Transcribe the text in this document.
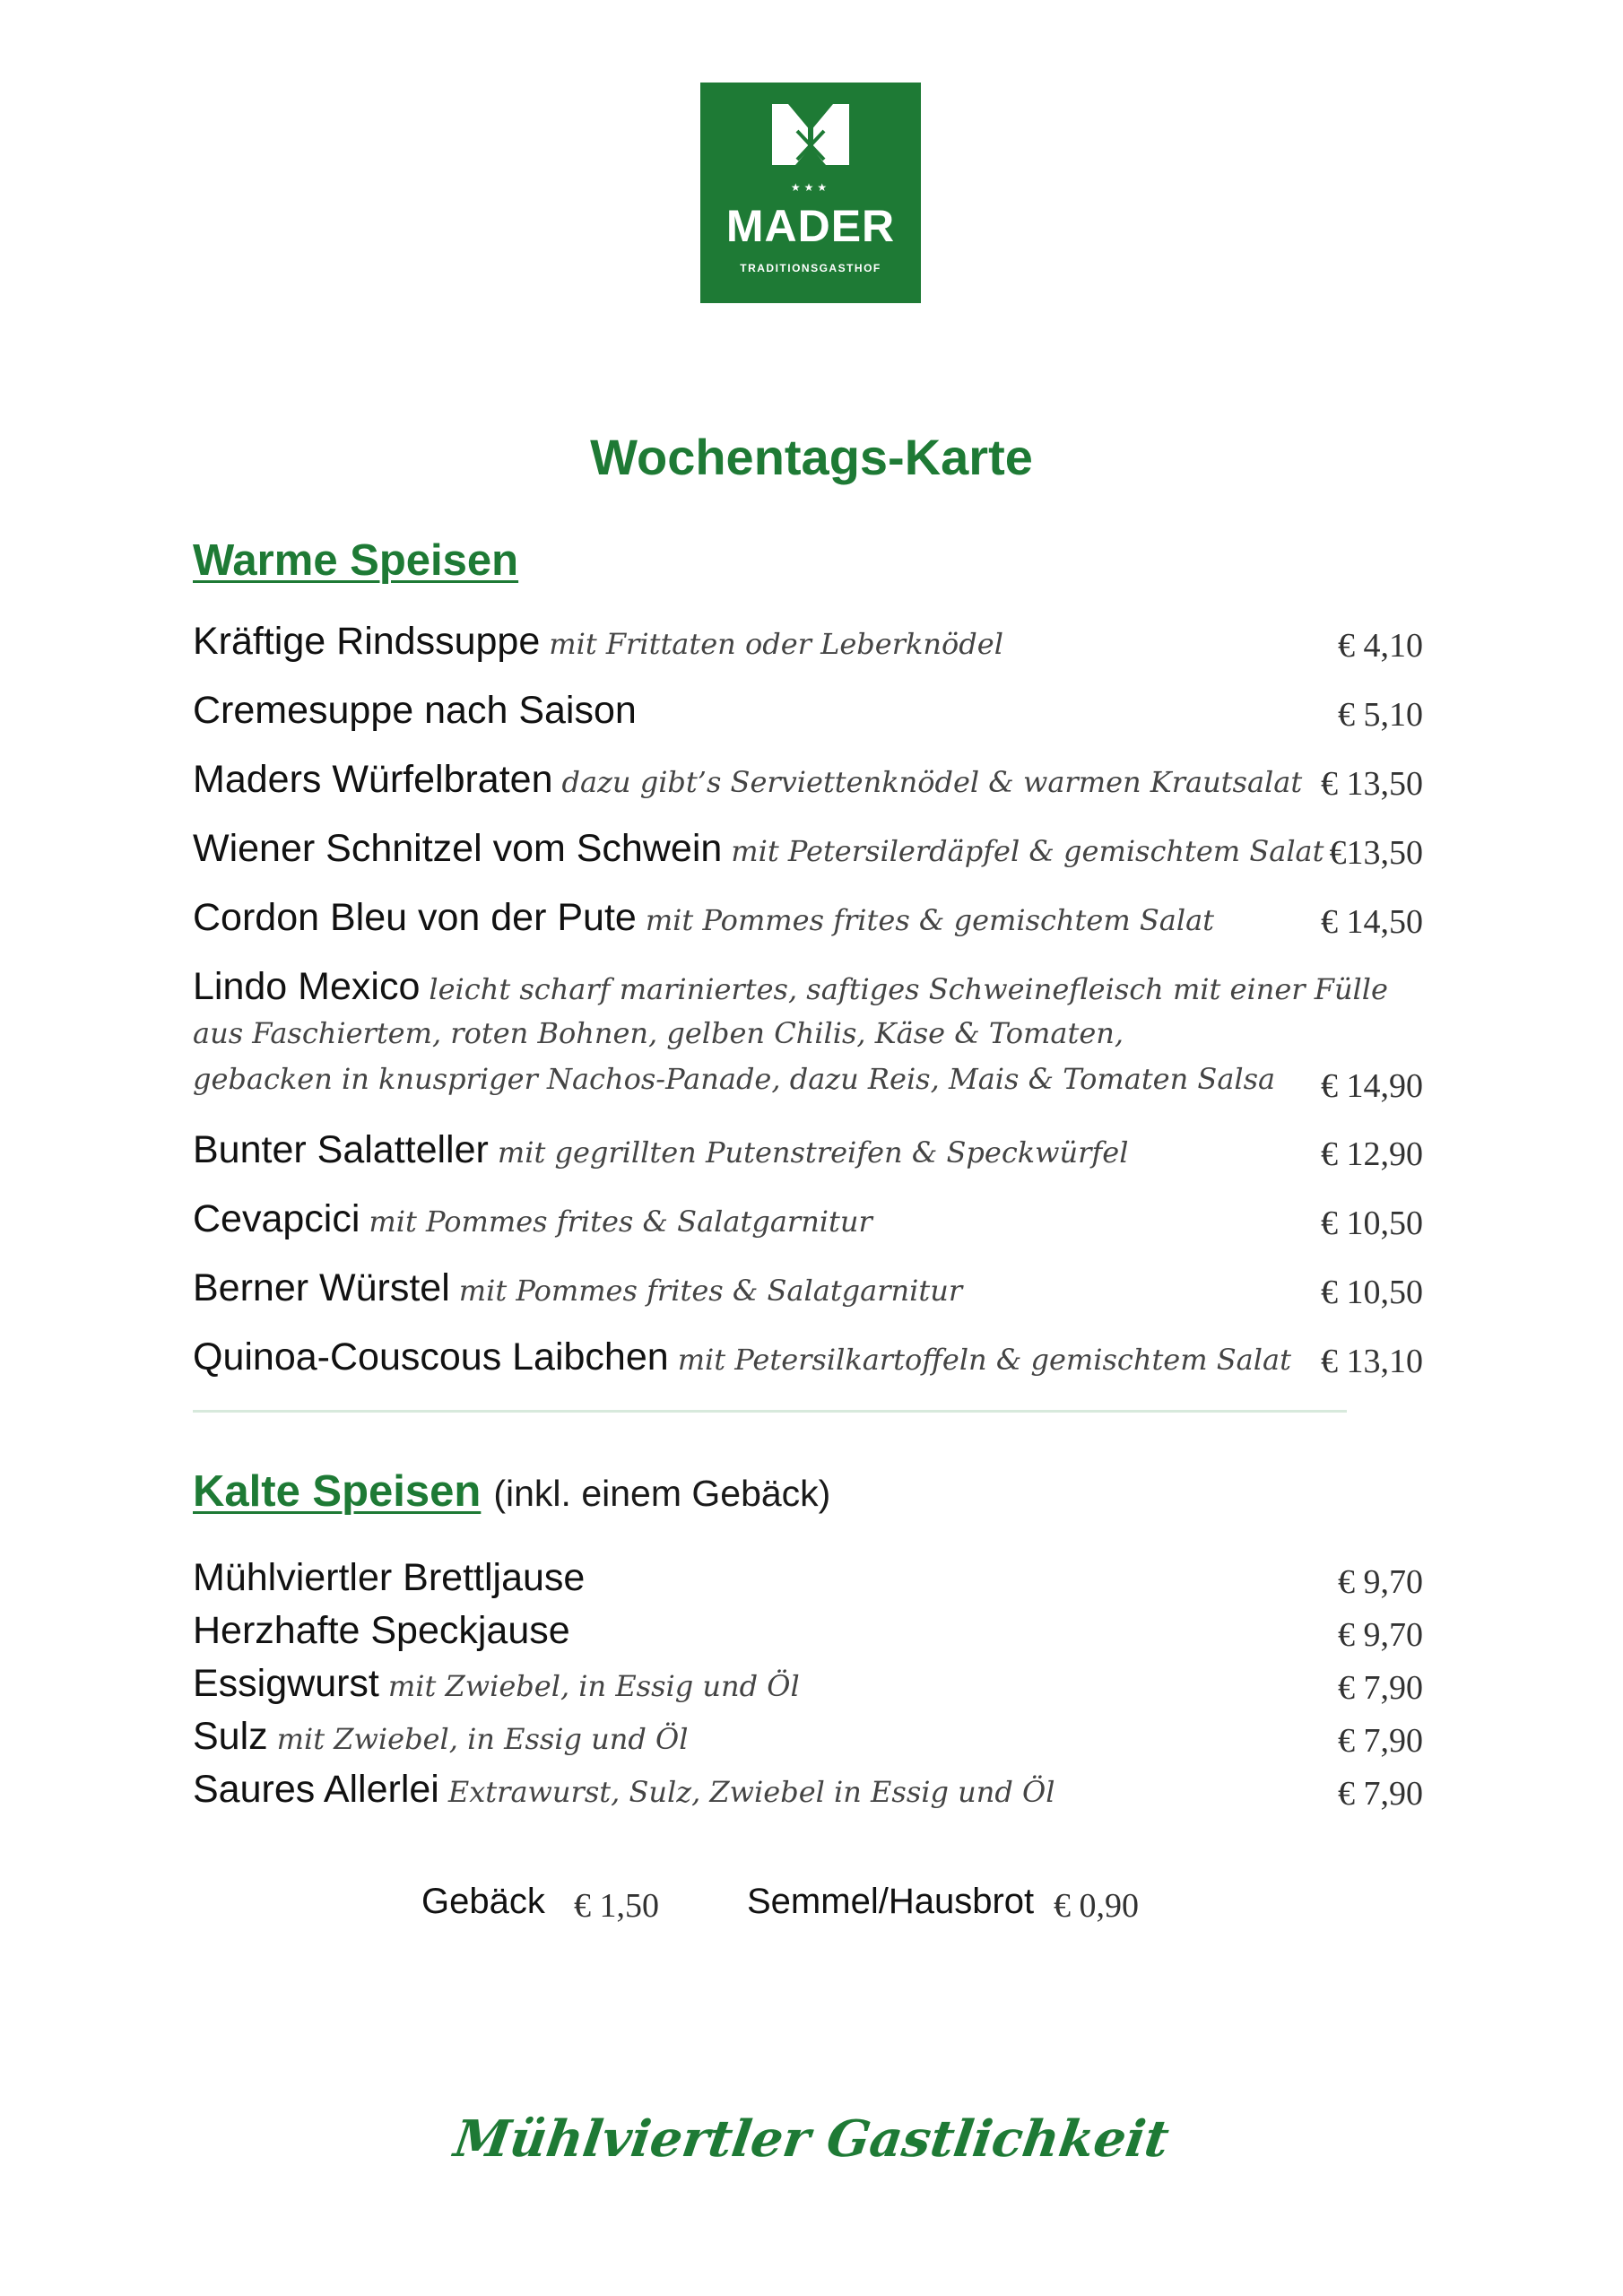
★★★
MADER
TRADITIONSGASTHOF
Wochentags-Karte
Warme Speisen
Kräftige Rindssuppe mit Frittaten oder Leberknödel	€ 4,10
Cremesuppe nach Saison	€ 5,10
Maders Würfelbraten dazu gibt’s Serviettenknödel & warmen Krautsalat € 13,50
Wiener Schnitzel vom Schwein mit Petersilerdäpfel & gemischtem Salat €13,50
Cordon Bleu von der Pute mit Pommes frites & gemischtem Salat	€ 14,50
Lindo Mexico leicht scharf mariniertes, saftiges Schweinefleisch mit einer Fülle
aus Faschiertem, roten Bohnen, gelben Chilis, Käse & Tomaten,
gebacken in knuspriger Nachos-Panade, dazu Reis, Mais & Tomaten Salsa	€ 14,90
Bunter Salatteller mit gegrillten Putenstreifen & Speckwürfel	€ 12,90
Cevapcici mit Pommes frites & Salatgarnitur	€ 10,50
Berner Würstel mit Pommes frites & Salatgarnitur	€ 10,50
Quinoa-Couscous Laibchen mit Petersilkartoffeln & gemischtem Salat € 13,10
Kalte Speisen (inkl. einem Gebäck)
Mühlviertler Brettljause	€ 9,70
Herzhafte Speckjause	€ 9,70
Essigwurst mit Zwiebel, in Essig und Öl	€ 7,90
Sulz mit Zwiebel, in Essig und Öl	€ 7,90
Saures Allerlei Extrawurst, Sulz, Zwiebel in Essig und Öl	€ 7,90
Gebäck € 1,50 Semmel/Hausbrot € 0,90
Mühlviertler Gastlichkeit
